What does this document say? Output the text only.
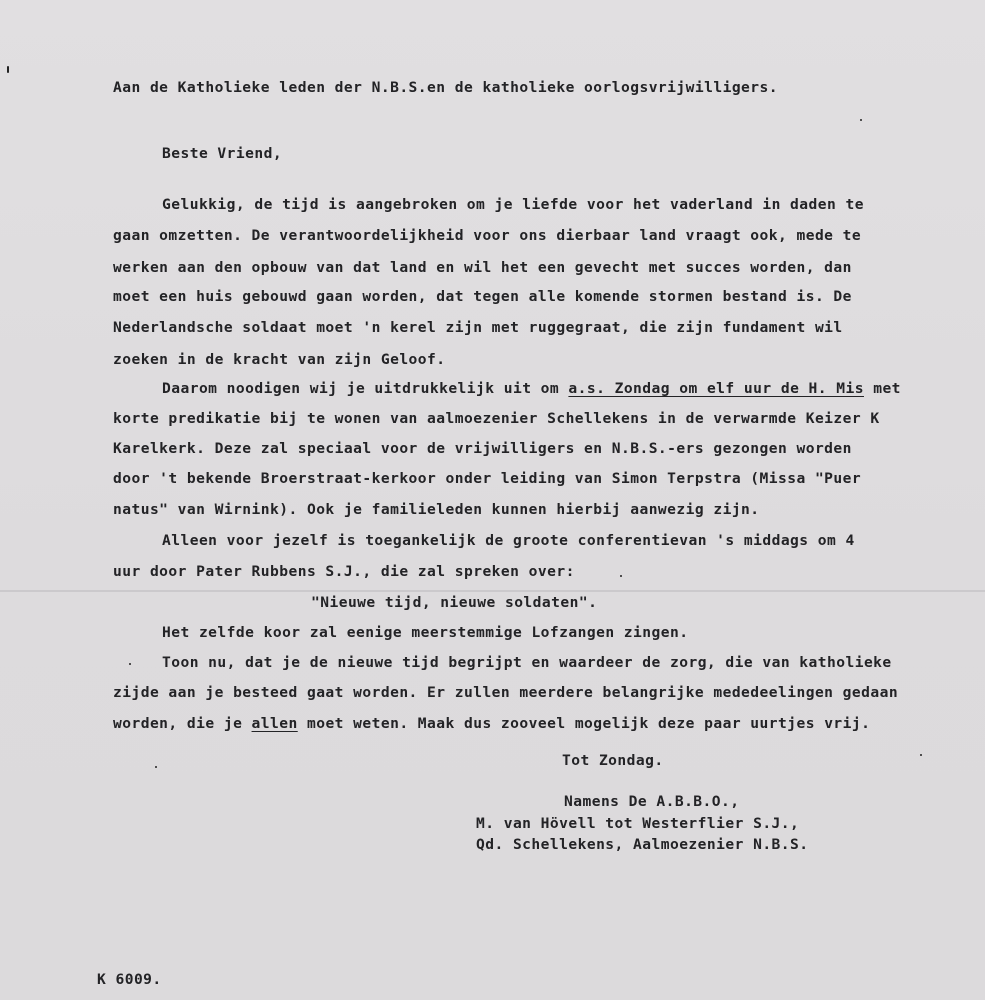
Aan de Katholieke leden der N.B.S.en de katholieke oorlogsvrijwilligers.
Beste Vriend,
Gelukkig, de tijd is aangebroken om je liefde voor het vaderland in daden te
gaan omzetten. De verantwoordelijkheid voor ons dierbaar land vraagt ook, mede te
werken aan den opbouw van dat land en wil het een gevecht met succes worden, dan
moet een huis gebouwd gaan worden, dat tegen alle komende stormen bestand is. De
Nederlandsche soldaat moet 'n kerel zijn met ruggegraat, die zijn fundament wil
zoeken in de kracht van zijn Geloof.
Daarom noodigen wij je uitdrukkelijk uit om a.s. Zondag om elf uur de H. Mis met
korte predikatie bij te wonen van aalmoezenier Schellekens in de verwarmde Keizer K
Karelkerk. Deze zal speciaal voor de vrijwilligers en N.B.S.-ers gezongen worden
door 't bekende Broerstraat-kerkoor onder leiding van Simon Terpstra (Missa "Puer
natus" van Wirnink). Ook je familieleden kunnen hierbij aanwezig zijn.
Alleen voor jezelf is toegankelijk de groote conferentievan 's middags om 4
uur door Pater Rubbens S.J., die zal spreken over:
"Nieuwe tijd, nieuwe soldaten".
Het zelfde koor zal eenige meerstemmige Lofzangen zingen.
Toon nu, dat je de nieuwe tijd begrijpt en waardeer de zorg, die van katholieke
zijde aan je besteed gaat worden. Er zullen meerdere belangrijke mededeelingen gedaan
worden, die je allen moet weten. Maak dus zooveel mogelijk deze paar uurtjes vrij.
Tot Zondag.
Namens De A.B.B.O.,
M. van Hövell tot Westerflier S.J.,
Qd. Schellekens, Aalmoezenier N.B.S.
K 6009.
